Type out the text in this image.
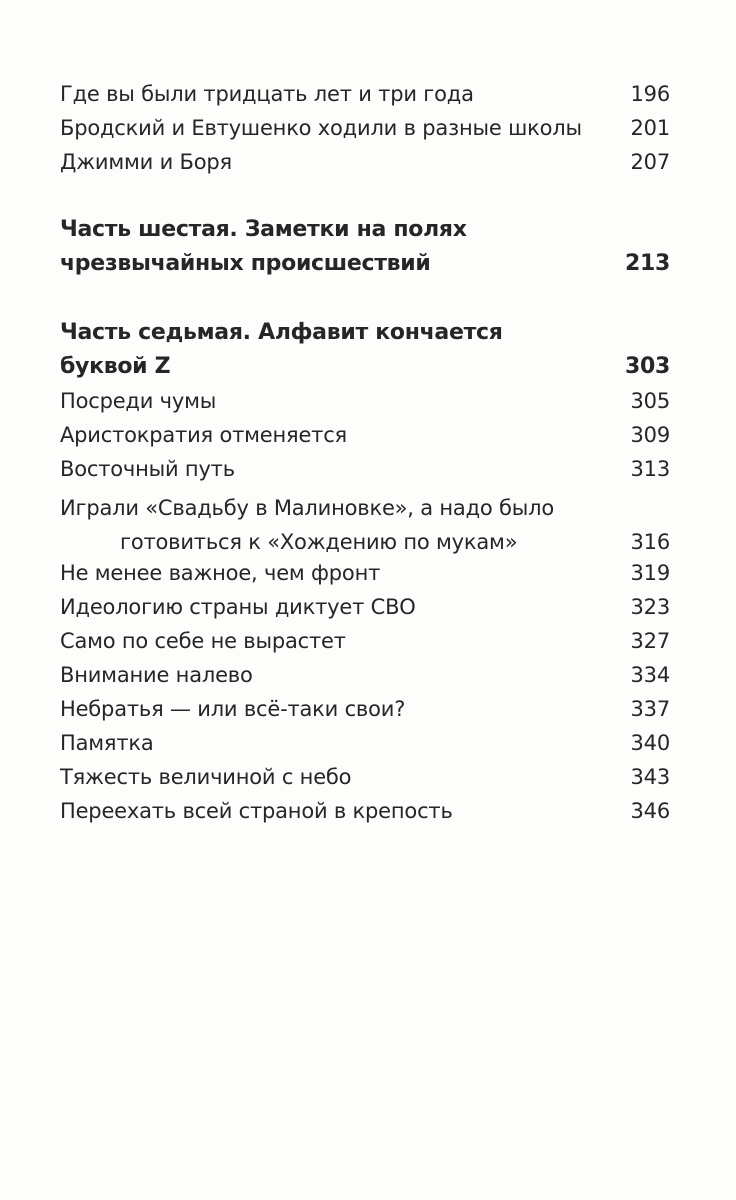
Где вы были тридцать лет и три года	196
Бродский и Евтушенко ходили в разные школы	201
Джимми и Боря	207
Часть шестая. Заметки на полях
чрезвычайных происшествий	213
Часть седьмая. Алфавит кончается
буквой Z	303
Посреди чумы	305
Аристократия отменяется	309
Восточный путь	313
Играли «Свадьбу в Малиновке», а надо было
готовиться к «Хождению по мукам»	316
Не менее важное, чем фронт	319
Идеологию страны диктует СВО	323
Само по себе не вырастет	327
Внимание налево	334
Небратья — или всё-таки свои?	337
Памятка	340
Тяжесть величиной с небо	343
Переехать всей страной в крепость	346
